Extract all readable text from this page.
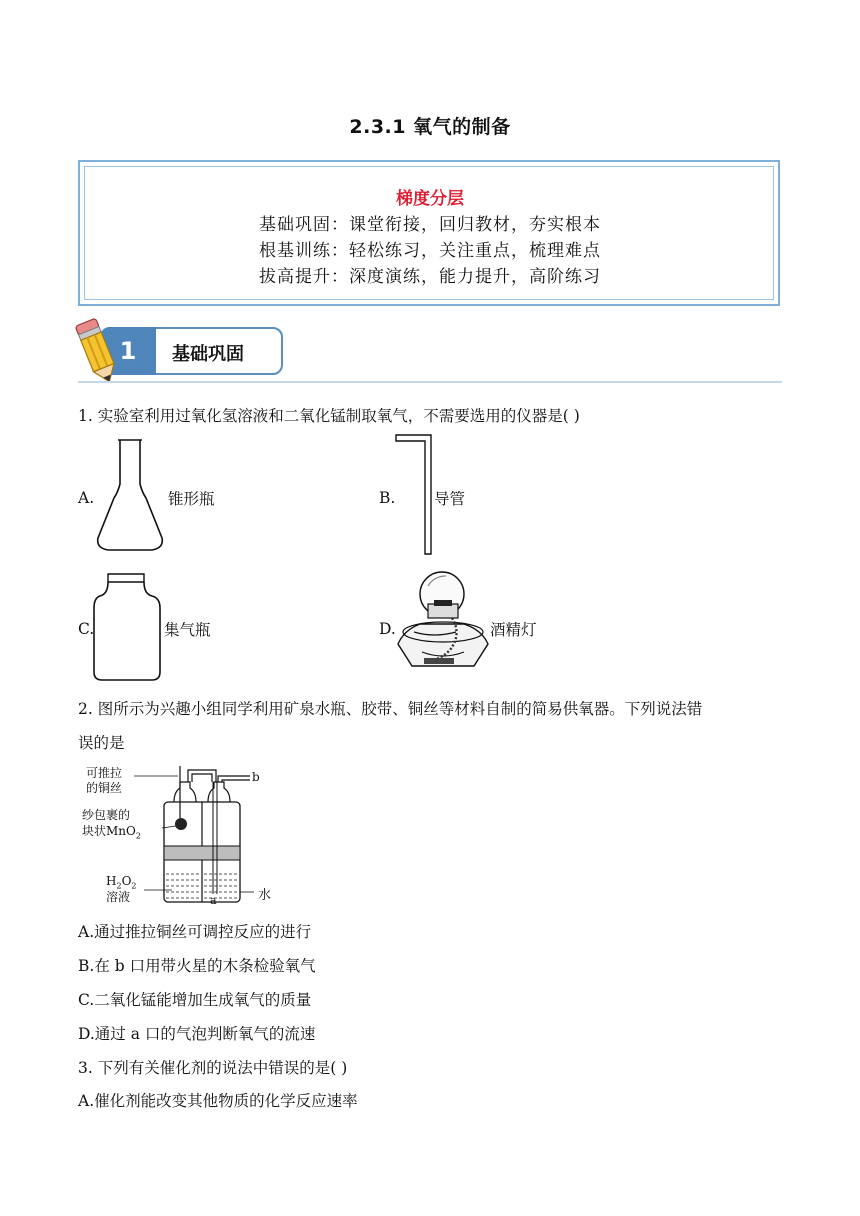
2.3.1 氧气的制备
梯度分层
基础巩固：课堂衔接，回归教材，夯实根本
根基训练：轻松练习，关注重点，梳理难点
拔高提升：深度演练，能力提升，高阶练习
1	基础巩固
1. 实验室利用过氧化氢溶液和二氧化锰制取氧气，不需要选用的仪器是( )
A.	锥形瓶	B. 导管
C.	集气瓶	D.	酒精灯
2. 图所示为兴趣小组同学利用矿泉水瓶、胶带、铜丝等材料自制的简易供氧器。下列说法错
误的是
可推拉
的铜丝
纱包裹的
块状MnO$_2$
$H_2O_2$
溶液
b
a	水
A.通过推拉铜丝可调控反应的进行
B.在 b 口用带火星的木条检验氧气
C.二氧化锰能增加生成氧气的质量
D.通过 a 口的气泡判断氧气的流速
3. 下列有关催化剂的说法中错误的是( )
A.催化剂能改变其他物质的化学反应速率
